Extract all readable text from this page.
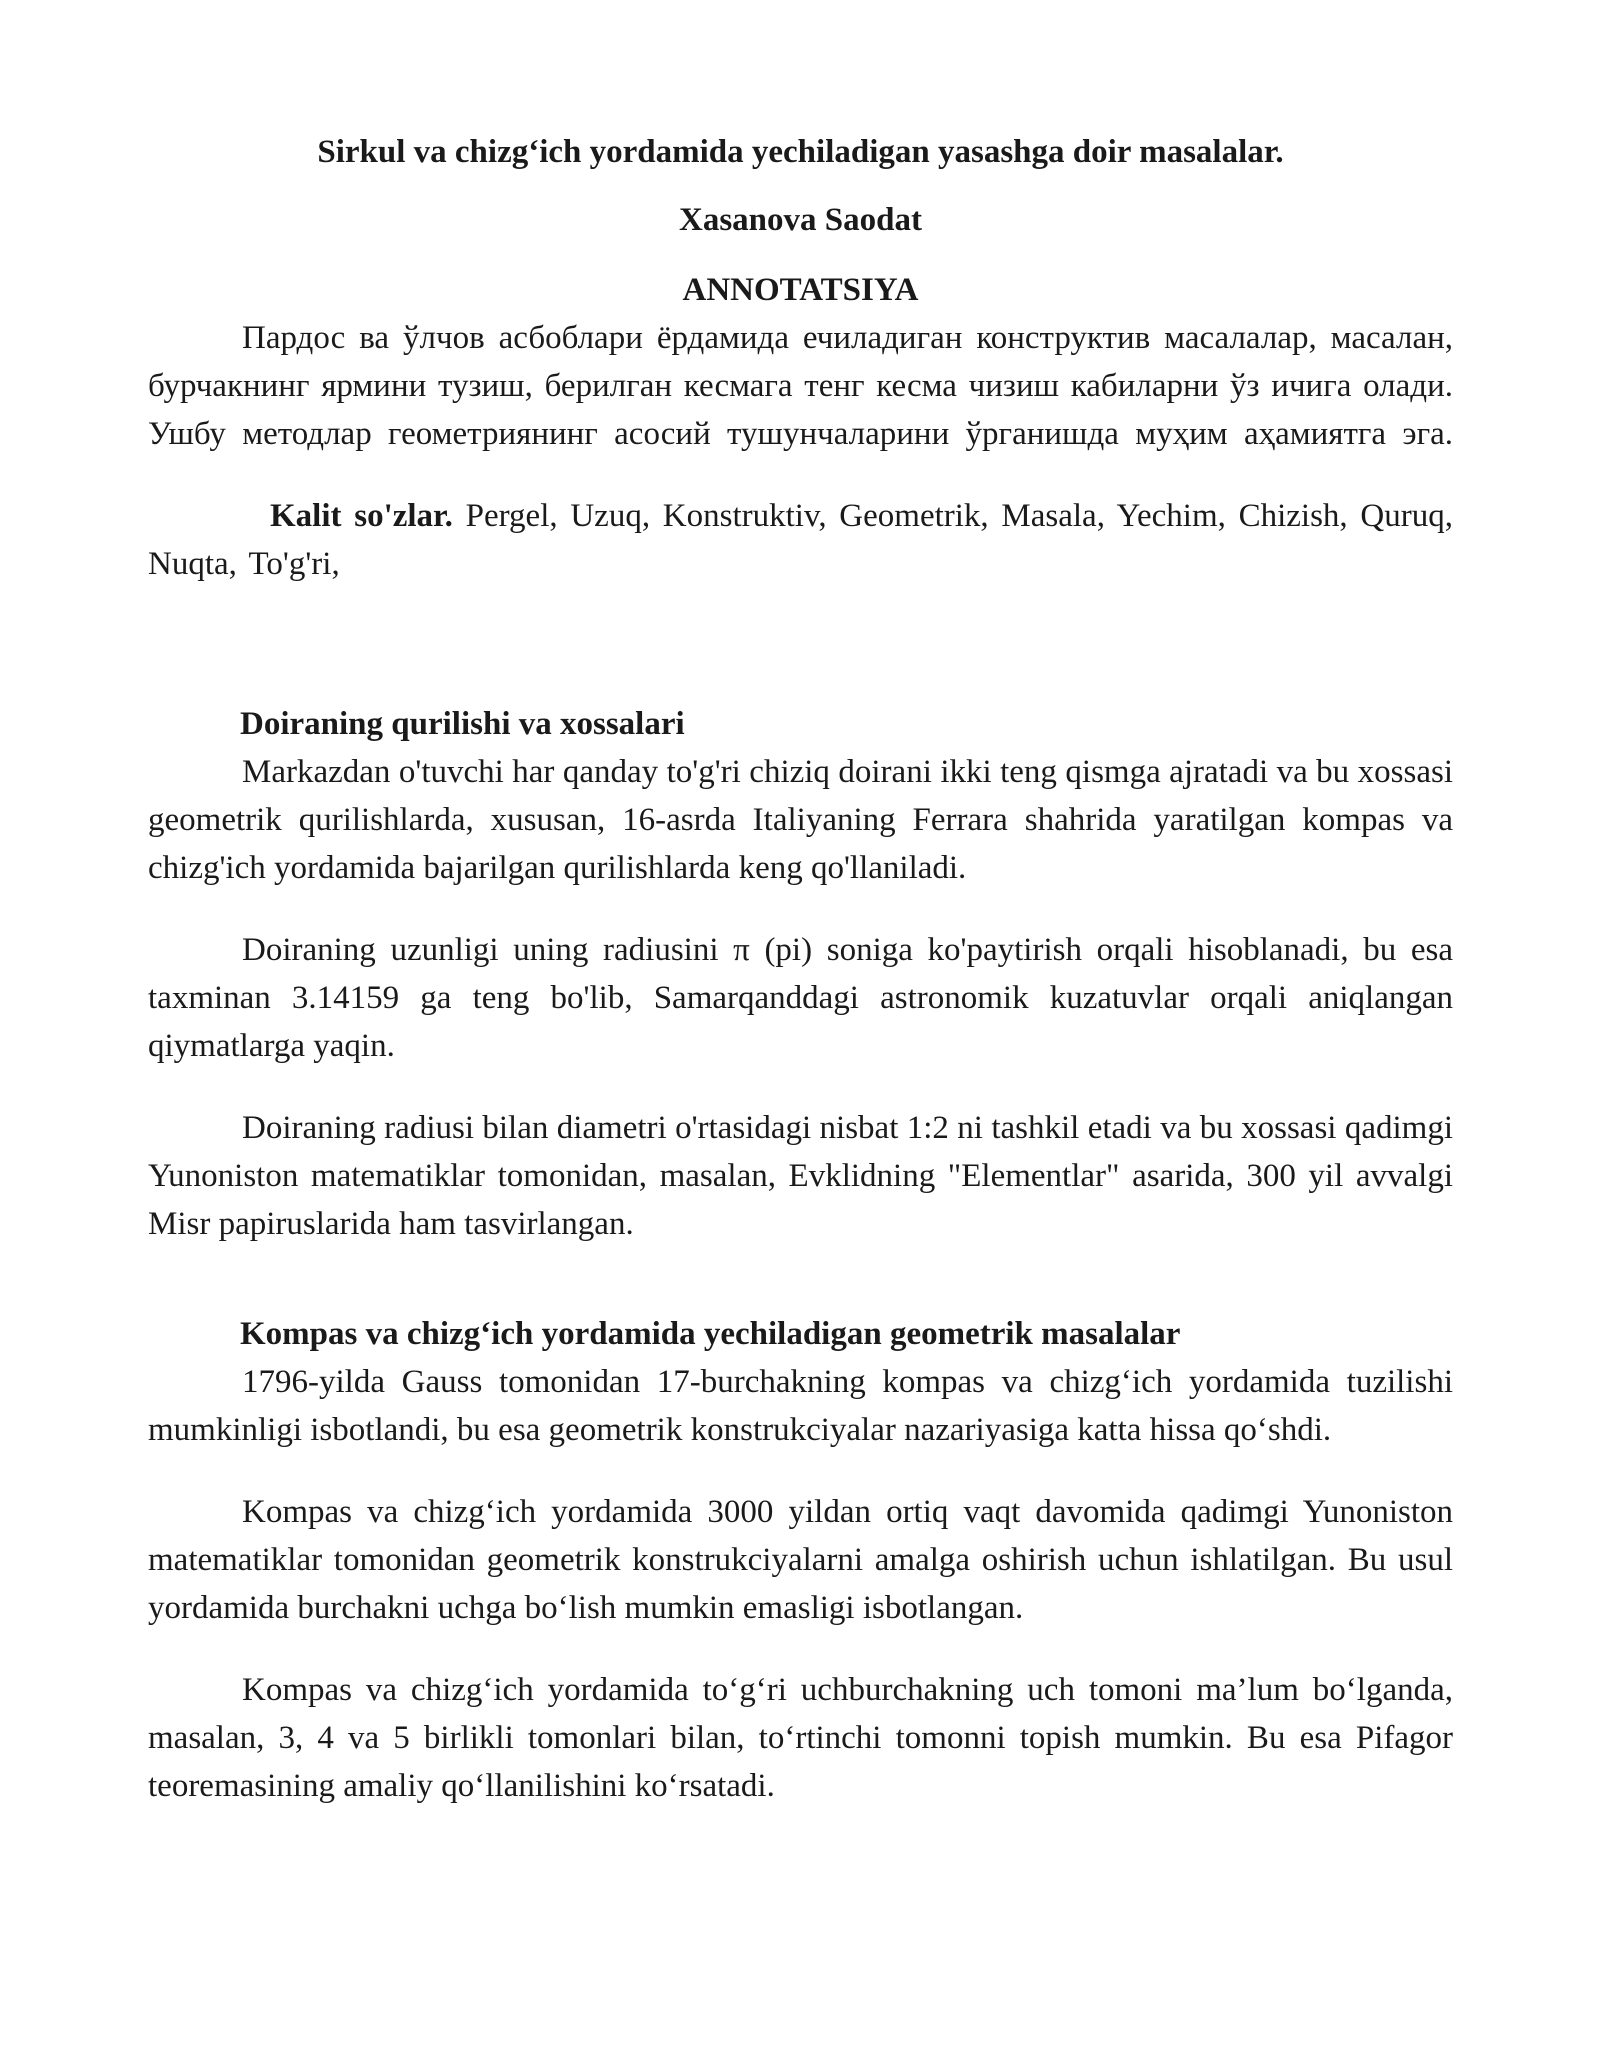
Sirkul va chizg‘ich yordamida yechiladigan yasashga doir masalalar.
Xasanova Saodat
ANNOTATSIYA

Пардос ва ўлчов асбоблари ёрдамида ечиладиган конструктив масалалар, масалан, бурчакнинг ярмини тузиш, берилган кесмага тенг кесма чизиш кабиларни ўз ичига олади. Ушбу методлар геометриянинг асосий тушунчаларини ўрганишда муҳим аҳамиятга эга.

Kalit so'zlar. Pergel, Uzuq, Konstruktiv, Geometrik, Masala, Yechim, Chizish, Quruq, Nuqta, To'g'ri,

Doiraning qurilishi va xossalari

Markazdan o'tuvchi har qanday to'g'ri chiziq doirani ikki teng qismga ajratadi va bu xossasi geometrik qurilishlarda, xususan, 16-asrda Italiyaning Ferrara shahrida yaratilgan kompas va chizg'ich yordamida bajarilgan qurilishlarda keng qo'llaniladi.

Doiraning uzunligi uning radiusini π (pi) soniga ko'paytirish orqali hisoblanadi, bu esa taxminan 3.14159 ga teng bo'lib, Samarqanddagi astronomik kuzatuvlar orqali aniqlangan qiymatlarga yaqin.

Doiraning radiusi bilan diametri o'rtasidagi nisbat 1:2 ni tashkil etadi va bu xossasi qadimgi Yunoniston matematiklar tomonidan, masalan, Evklidning "Elementlar" asarida, 300 yil avvalgi Misr papiruslarida ham tasvirlangan.

Kompas va chizg‘ich yordamida yechiladigan geometrik masalalar

1796-yilda Gauss tomonidan 17-burchakning kompas va chizg‘ich yordamida tuzilishi mumkinligi isbotlandi, bu esa geometrik konstrukciyalar nazariyasiga katta hissa qo‘shdi.

Kompas va chizg‘ich yordamida 3000 yildan ortiq vaqt davomida qadimgi Yunoniston matematiklar tomonidan geometrik konstrukciyalarni amalga oshirish uchun ishlatilgan. Bu usul yordamida burchakni uchga bo‘lish mumkin emasligi isbotlangan.

Kompas va chizg‘ich yordamida to‘g‘ri uchburchakning uch tomoni ma’lum bo‘lganda, masalan, 3, 4 va 5 birlikli tomonlari bilan, to‘rtinchi tomonni topish mumkin. Bu esa Pifagor teoremasining amaliy qo‘llanilishini ko‘rsatadi.
